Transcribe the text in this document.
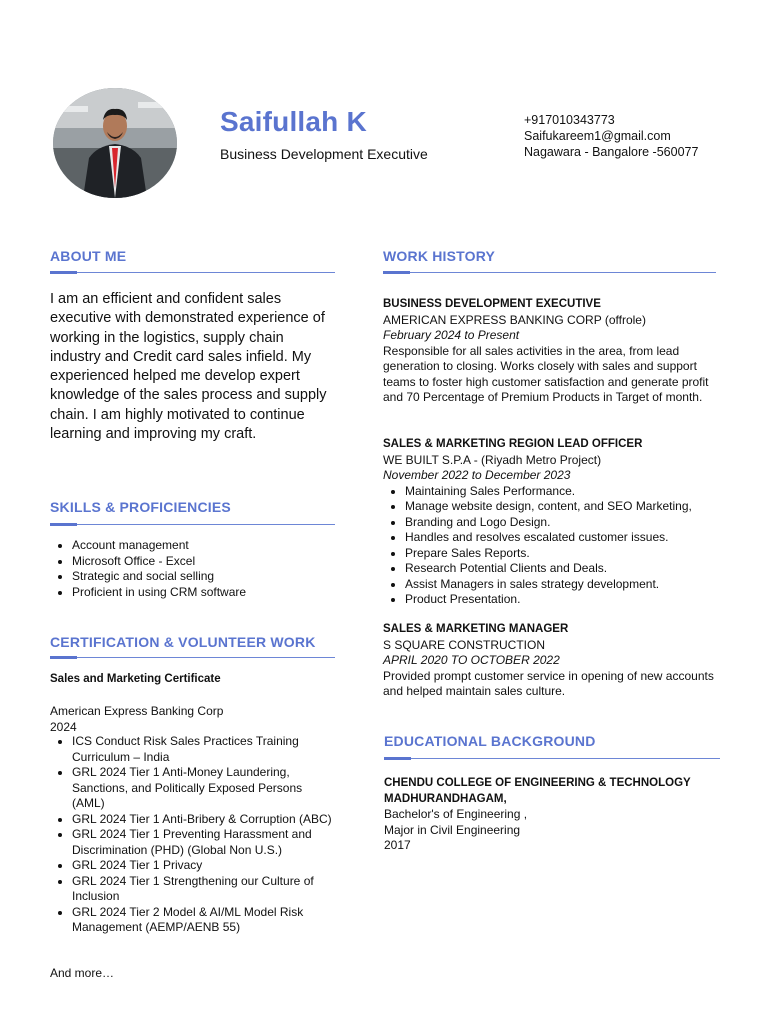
Saifullah K
Business Development Executive
+917010343773
Saifukareem1@gmail.com
Nagawara - Bangalore -560077
ABOUT ME
I am an efficient and confident sales executive with demonstrated experience of working in the logistics, supply chain industry and Credit card sales infield. My experienced helped me develop expert knowledge of the sales process and supply chain. I am highly motivated to continue learning and improving my craft.
SKILLS & PROFICIENCIES
• Account management
• Microsoft Office - Excel
• Strategic and social selling
• Proficient in using CRM software
CERTIFICATION & VOLUNTEER WORK
Sales and Marketing Certificate
American Express Banking Corp
2024
• ICS Conduct Risk Sales Practices Training Curriculum – India
• GRL 2024 Tier 1 Anti-Money Laundering, Sanctions, and Politically Exposed Persons (AML)
• GRL 2024 Tier 1 Anti-Bribery & Corruption (ABC)
• GRL 2024 Tier 1 Preventing Harassment and Discrimination (PHD) (Global Non U.S.)
• GRL 2024 Tier 1 Privacy
• GRL 2024 Tier 1 Strengthening our Culture of Inclusion
• GRL 2024 Tier 2 Model & AI/ML Model Risk Management (AEMP/AENB 55)
And more…
WORK HISTORY
BUSINESS DEVELOPMENT EXECUTIVE
AMERICAN EXPRESS BANKING CORP (offrole)
February 2024 to Present
Responsible for all sales activities in the area, from lead generation to closing. Works closely with sales and support teams to foster high customer satisfaction and generate profit and 70 Percentage of Premium Products in Target of month.
SALES & MARKETING REGION LEAD OFFICER
WE BUILT S.P.A - (Riyadh Metro Project)
November 2022 to December 2023
• Maintaining Sales Performance.
• Manage website design, content, and SEO Marketing,
• Branding and Logo Design.
• Handles and resolves escalated customer issues.
• Prepare Sales Reports.
• Research Potential Clients and Deals.
• Assist Managers in sales strategy development.
• Product Presentation.
SALES & MARKETING MANAGER
S SQUARE CONSTRUCTION
APRIL 2020 TO OCTOBER 2022
Provided prompt customer service in opening of new accounts and helped maintain sales culture.
EDUCATIONAL BACKGROUND
CHENDU COLLEGE OF ENGINEERING & TECHNOLOGY
MADHURANDHAGAM,
Bachelor's of Engineering ,
Major in Civil Engineering
2017
